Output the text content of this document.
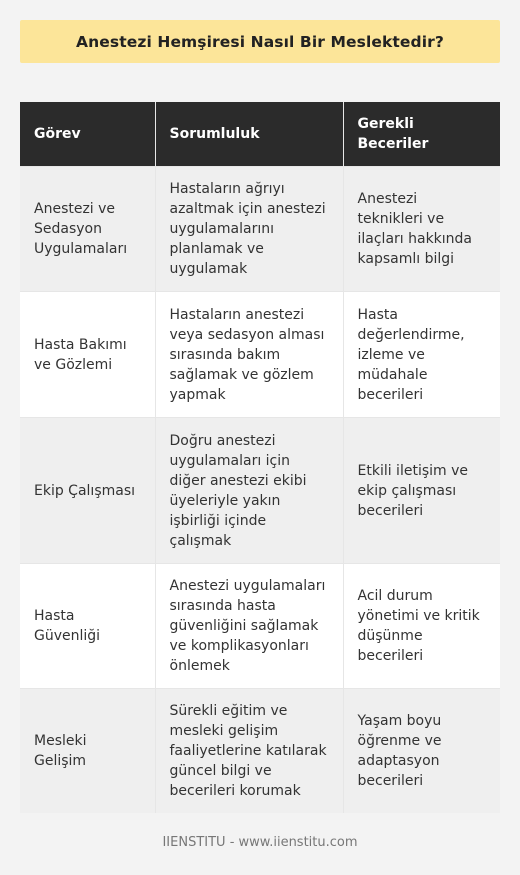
Anestezi Hemşiresi Nasıl Bir Meslektedir?
Görev	Sorumluluk	Gerekli Beceriler
Anestezi ve Sedasyon Uygulamaları	Hastaların ağrıyı azaltmak için anestezi uygulamalarını planlamak ve uygulamak	Anestezi teknikleri ve ilaçları hakkında kapsamlı bilgi
Hasta Bakımı ve Gözlemi	Hastaların anestezi veya sedasyon alması sırasında bakım sağlamak ve gözlem yapmak	Hasta değerlendirme, izleme ve müdahale becerileri
Ekip Çalışması	Doğru anestezi uygulamaları için diğer anestezi ekibi üyeleriyle yakın işbirliği içinde çalışmak	Etkili iletişim ve ekip çalışması becerileri
Hasta Güvenliği	Anestezi uygulamaları sırasında hasta güvenliğini sağlamak ve komplikasyonları önlemek	Acil durum yönetimi ve kritik düşünme becerileri
Mesleki Gelişim	Sürekli eğitim ve mesleki gelişim faaliyetlerine katılarak güncel bilgi ve becerileri korumak	Yaşam boyu öğrenme ve adaptasyon becerileri
IIENSTITU - www.iienstitu.com
